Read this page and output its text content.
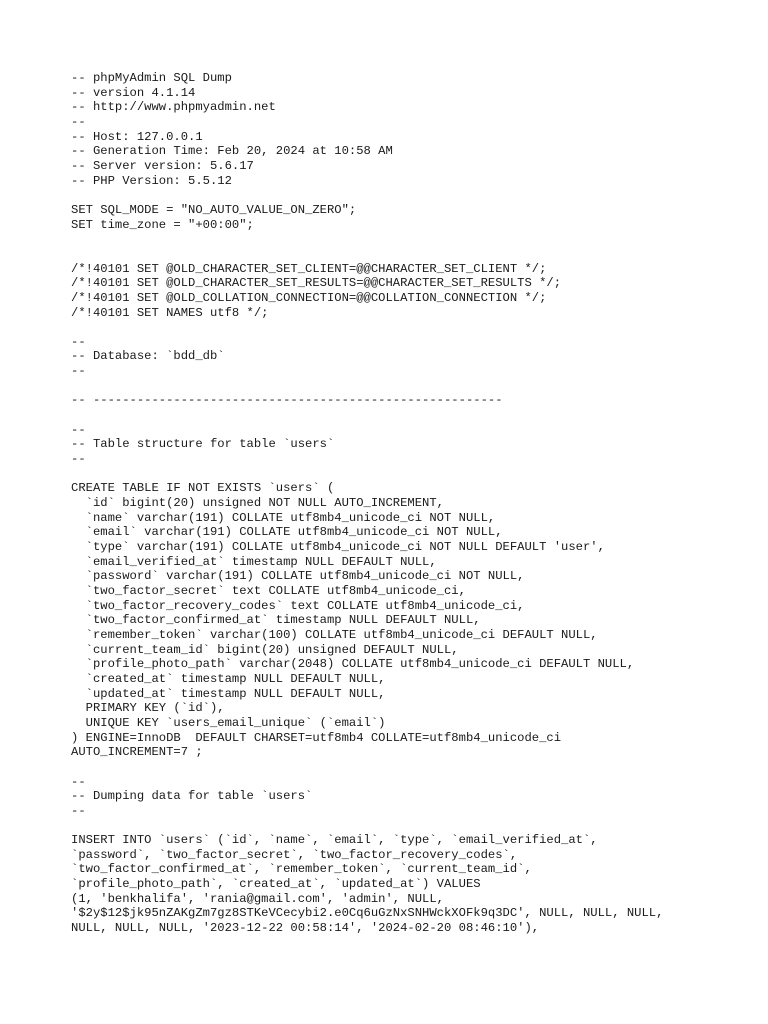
-- phpMyAdmin SQL Dump
-- version 4.1.14
-- http://www.phpmyadmin.net
--
-- Host: 127.0.0.1
-- Generation Time: Feb 20, 2024 at 10:58 AM
-- Server version: 5.6.17
-- PHP Version: 5.5.12
SET SQL_MODE = "NO_AUTO_VALUE_ON_ZERO";
SET time_zone = "+00:00";
/*!40101 SET @OLD_CHARACTER_SET_CLIENT=@@CHARACTER_SET_CLIENT */;
/*!40101 SET @OLD_CHARACTER_SET_RESULTS=@@CHARACTER_SET_RESULTS */;
/*!40101 SET @OLD_COLLATION_CONNECTION=@@COLLATION_CONNECTION */;
/*!40101 SET NAMES utf8 */;
--
-- Database: `bdd_db`
--
-- --------------------------------------------------------
--
-- Table structure for table `users`
--
CREATE TABLE IF NOT EXISTS `users` (
`id` bigint(20) unsigned NOT NULL AUTO_INCREMENT,
`name` varchar(191) COLLATE utf8mb4_unicode_ci NOT NULL,
`email` varchar(191) COLLATE utf8mb4_unicode_ci NOT NULL,
`type` varchar(191) COLLATE utf8mb4_unicode_ci NOT NULL DEFAULT 'user',
`email_verified_at` timestamp NULL DEFAULT NULL,
`password` varchar(191) COLLATE utf8mb4_unicode_ci NOT NULL,
`two_factor_secret` text COLLATE utf8mb4_unicode_ci,
`two_factor_recovery_codes` text COLLATE utf8mb4_unicode_ci,
`two_factor_confirmed_at` timestamp NULL DEFAULT NULL,
`remember_token` varchar(100) COLLATE utf8mb4_unicode_ci DEFAULT NULL,
`current_team_id` bigint(20) unsigned DEFAULT NULL,
`profile_photo_path` varchar(2048) COLLATE utf8mb4_unicode_ci DEFAULT NULL,
`created_at` timestamp NULL DEFAULT NULL,
`updated_at` timestamp NULL DEFAULT NULL,
PRIMARY KEY (`id`),
UNIQUE KEY `users_email_unique` (`email`)
) ENGINE=InnoDB  DEFAULT CHARSET=utf8mb4 COLLATE=utf8mb4_unicode_ci
AUTO_INCREMENT=7 ;
--
-- Dumping data for table `users`
--
INSERT INTO `users` (`id`, `name`, `email`, `type`, `email_verified_at`,
`password`, `two_factor_secret`, `two_factor_recovery_codes`,
`two_factor_confirmed_at`, `remember_token`, `current_team_id`,
`profile_photo_path`, `created_at`, `updated_at`) VALUES
(1, 'benkhalifa', 'rania@gmail.com', 'admin', NULL,
'$2y$12$jk95nZAKgZm7gz8STKeVCecybi2.e0Cq6uGzNxSNHWckXOFk9q3DC', NULL, NULL, NULL,
NULL, NULL, NULL, '2023-12-22 00:58:14', '2024-02-20 08:46:10'),
